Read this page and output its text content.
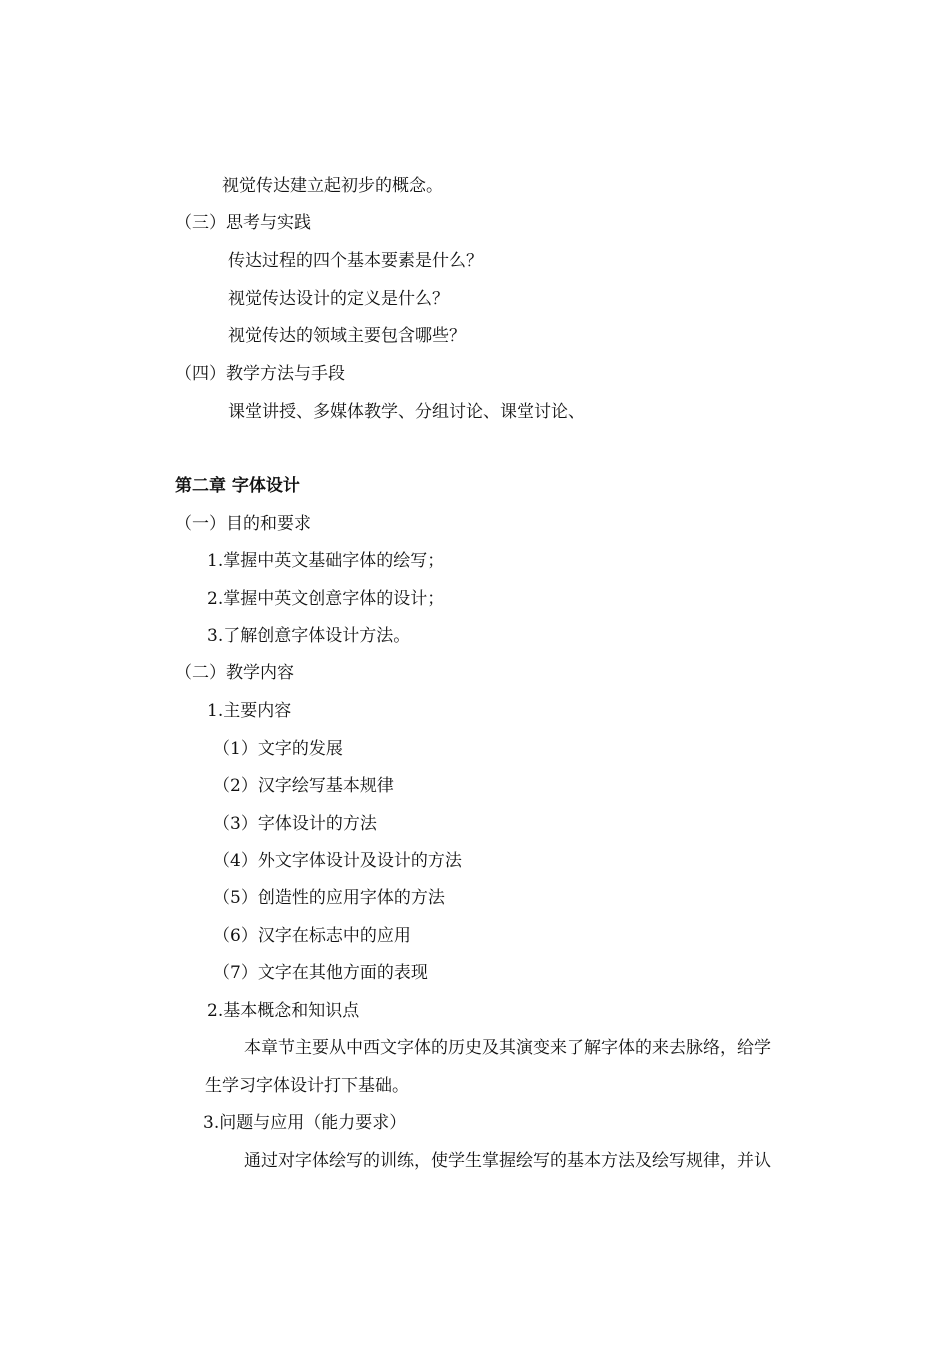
视觉传达建立起初步的概念。
（三）思考与实践
传达过程的四个基本要素是什么？
视觉传达设计的定义是什么？
视觉传达的领域主要包含哪些？
（四）教学方法与手段
课堂讲授、多媒体教学、分组讨论、课堂讨论、
第二章 字体设计
（一）目的和要求
1.掌握中英文基础字体的绘写；
2.掌握中英文创意字体的设计；
3.了解创意字体设计方法。
（二）教学内容
1.主要内容
（1）文字的发展
（2）汉字绘写基本规律
（3）字体设计的方法
（4）外文字体设计及设计的方法
（5）创造性的应用字体的方法
（6）汉字在标志中的应用
（7）文字在其他方面的表现
2.基本概念和知识点
本章节主要从中西文字体的历史及其演变来了解字体的来去脉络，给学
生学习字体设计打下基础。
3.问题与应用（能力要求）
通过对字体绘写的训练，使学生掌握绘写的基本方法及绘写规律，并认
